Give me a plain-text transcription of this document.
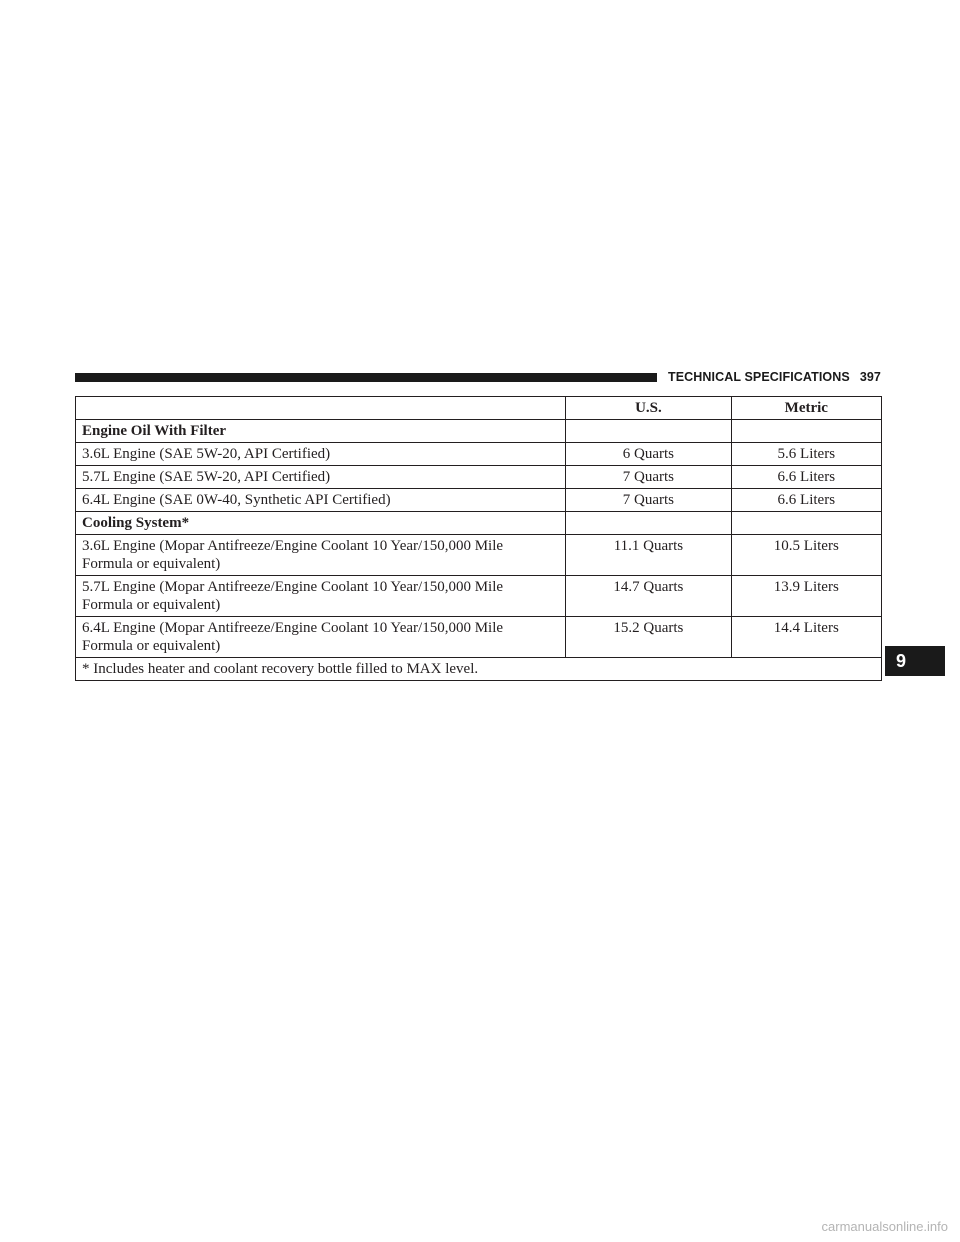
TECHNICAL SPECIFICATIONS 397
	U.S.	Metric
Engine Oil With Filter		
3.6L Engine (SAE 5W-20, API Certified)	6 Quarts	5.6 Liters
5.7L Engine (SAE 5W-20, API Certified)	7 Quarts	6.6 Liters
6.4L Engine (SAE 0W-40, Synthetic API Certified)	7 Quarts	6.6 Liters
Cooling System*		
3.6L Engine (Mopar Antifreeze/Engine Coolant 10 Year/150,000 Mile
Formula or equivalent)	11.1 Quarts	10.5 Liters
5.7L Engine (Mopar Antifreeze/Engine Coolant 10 Year/150,000 Mile
Formula or equivalent)	14.7 Quarts	13.9 Liters
6.4L Engine (Mopar Antifreeze/Engine Coolant 10 Year/150,000 Mile
Formula or equivalent)	15.2 Quarts	14.4 Liters
* Includes heater and coolant recovery bottle filled to MAX level.			9
carmanualsonline.info
